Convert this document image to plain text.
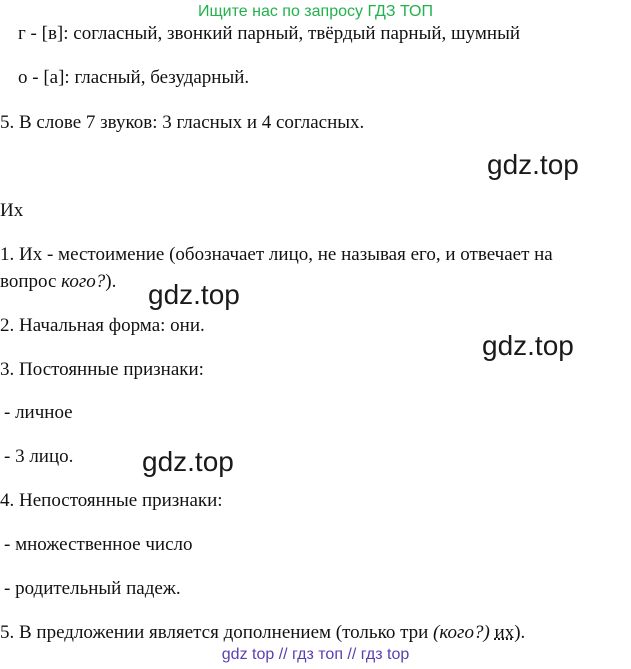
Ищите нас по запросу ГДЗ ТОП
г - [в]: согласный, звонкий парный, твёрдый парный, шумный
о - [а]: гласный, безударный.
5. В слове 7 звуков: 3 гласных и 4 согласных.
gdz.top
Их
1. Их - местоимение (обозначает лицо, не называя его, и отвечает на
вопрос кого?). gdz.top
2. Начальная форма: они.
gdz.top
3. Постоянные признаки:
- личное
- 3 лицо. gdz.top
4. Непостоянные признаки:
- множественное число
- родительный падеж.
5. В предложении является дополнением (только три (кого?) их).
gdz top // гдз топ // гдз top
